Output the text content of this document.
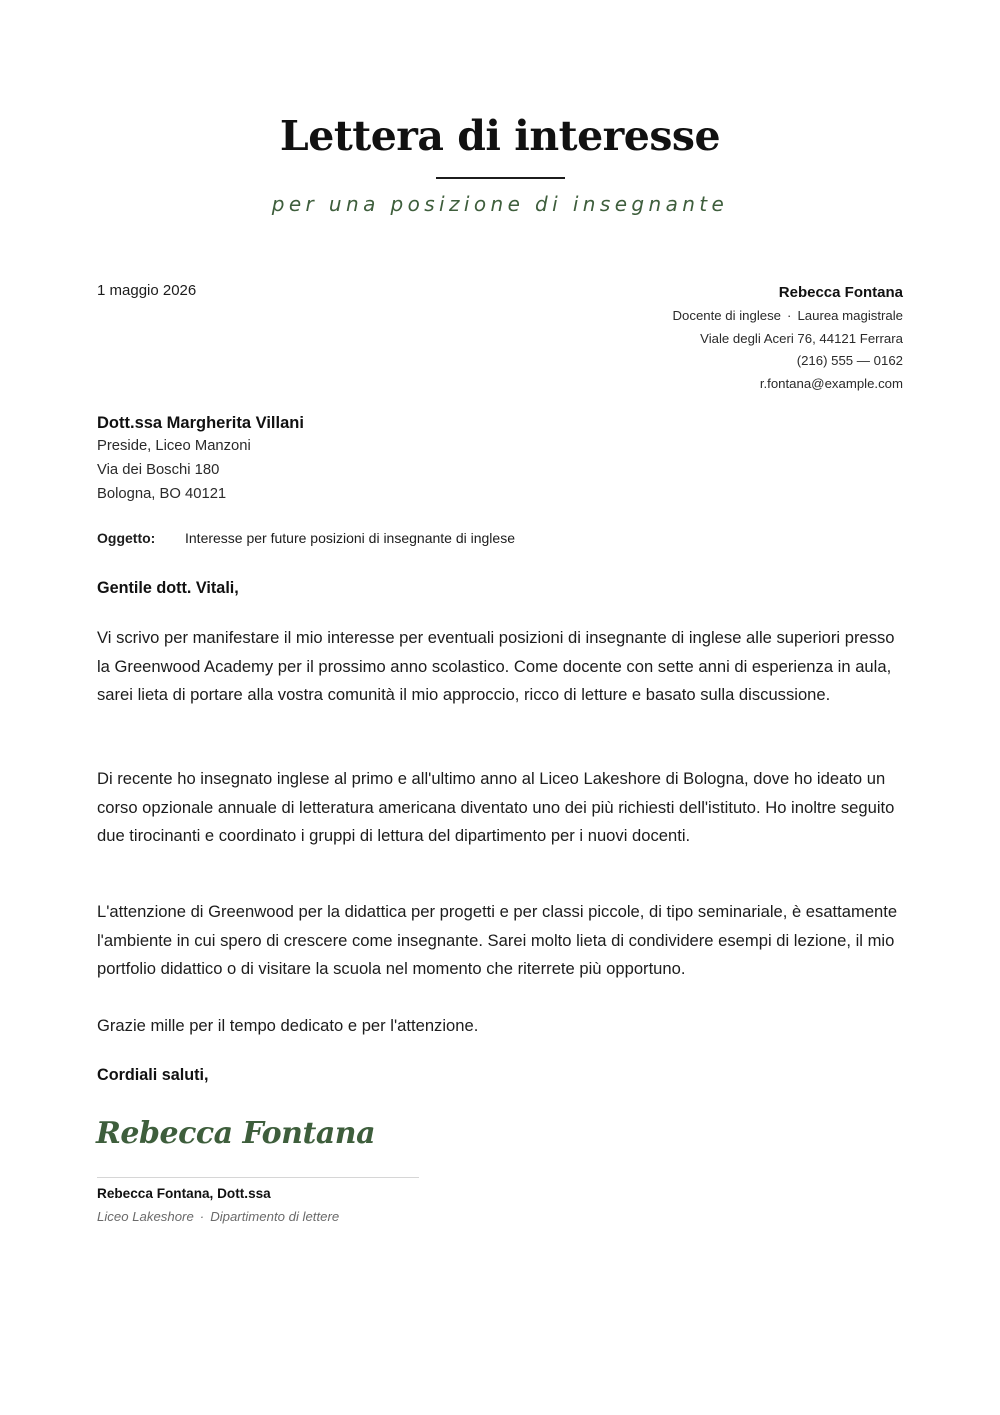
Lettera di interesse
per una posizione di insegnante
1 maggio 2026	Rebecca Fontana
Docente di inglese · Laurea magistrale
Viale degli Aceri 76, 44121 Ferrara
(216) 555 — 0162
r.fontana@example.com
Dott.ssa Margherita Villani
Preside, Liceo Manzoni
Via dei Boschi 180
Bologna, BO 40121
Oggetto: Interesse per future posizioni di insegnante di inglese
Gentile dott. Vitali,

Vi scrivo per manifestare il mio interesse per eventuali posizioni di insegnante di inglese alle superiori presso la Greenwood Academy per il prossimo anno scolastico. Come docente con sette anni di esperienza in aula, sarei lieta di portare alla vostra comunità il mio approccio, ricco di letture e basato sulla discussione.

Di recente ho insegnato inglese al primo e all'ultimo anno al Liceo Lakeshore di Bologna, dove ho ideato un corso opzionale annuale di letteratura americana diventato uno dei più richiesti dell'istituto. Ho inoltre seguito due tirocinanti e coordinato i gruppi di lettura del dipartimento per i nuovi docenti.

L'attenzione di Greenwood per la didattica per progetti e per classi piccole, di tipo seminariale, è esattamente l'ambiente in cui spero di crescere come insegnante. Sarei molto lieta di condividere esempi di lezione, il mio portfolio didattico o di visitare la scuola nel momento che riterrete più opportuno.

Grazie mille per il tempo dedicato e per l'attenzione.
Cordiali saluti,
Rebecca Fontana
Rebecca Fontana, Dott.ssa
Liceo Lakeshore · Dipartimento di lettere
